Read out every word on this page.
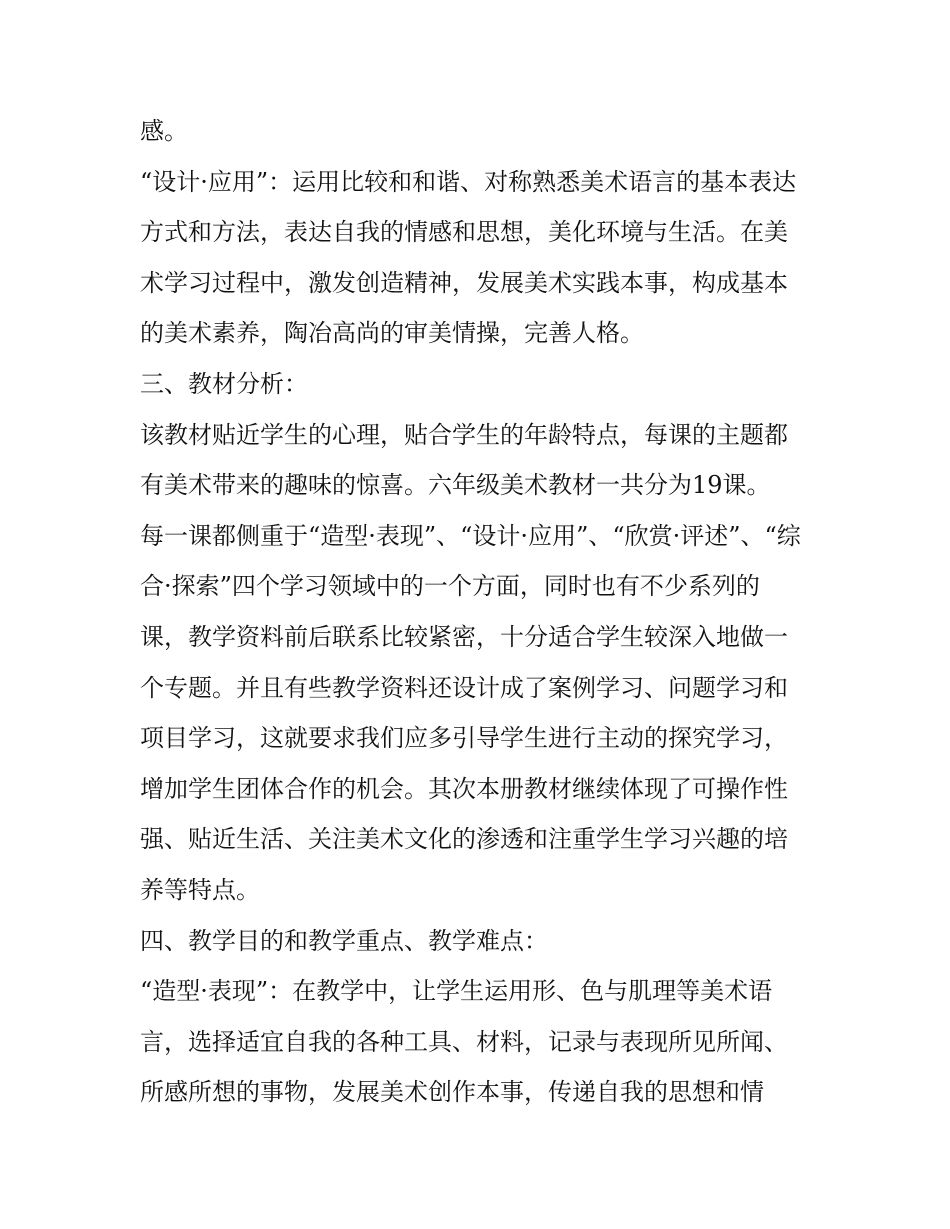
感。
“设计·应用”：运用比较和和谐、对称熟悉美术语言的基本表达
方式和方法，表达自我的情感和思想，美化环境与生活。在美
术学习过程中，激发创造精神，发展美术实践本事，构成基本
的美术素养，陶冶高尚的审美情操，完善人格。
三、教材分析：
该教材贴近学生的心理，贴合学生的年龄特点，每课的主题都
有美术带来的趣味的惊喜。六年级美术教材一共分为19课。
每一课都侧重于“造型·表现”、“设计·应用”、“欣赏·评述”、“综
合·探索”四个学习领域中的一个方面，同时也有不少系列的
课，教学资料前后联系比较紧密，十分适合学生较深入地做一
个专题。并且有些教学资料还设计成了案例学习、问题学习和
项目学习，这就要求我们应多引导学生进行主动的探究学习，
增加学生团体合作的机会。其次本册教材继续体现了可操作性
强、贴近生活、关注美术文化的渗透和注重学生学习兴趣的培
养等特点。
四、教学目的和教学重点、教学难点：
“造型·表现”：在教学中，让学生运用形、色与肌理等美术语
言，选择适宜自我的各种工具、材料，记录与表现所见所闻、
所感所想的事物，发展美术创作本事，传递自我的思想和情
